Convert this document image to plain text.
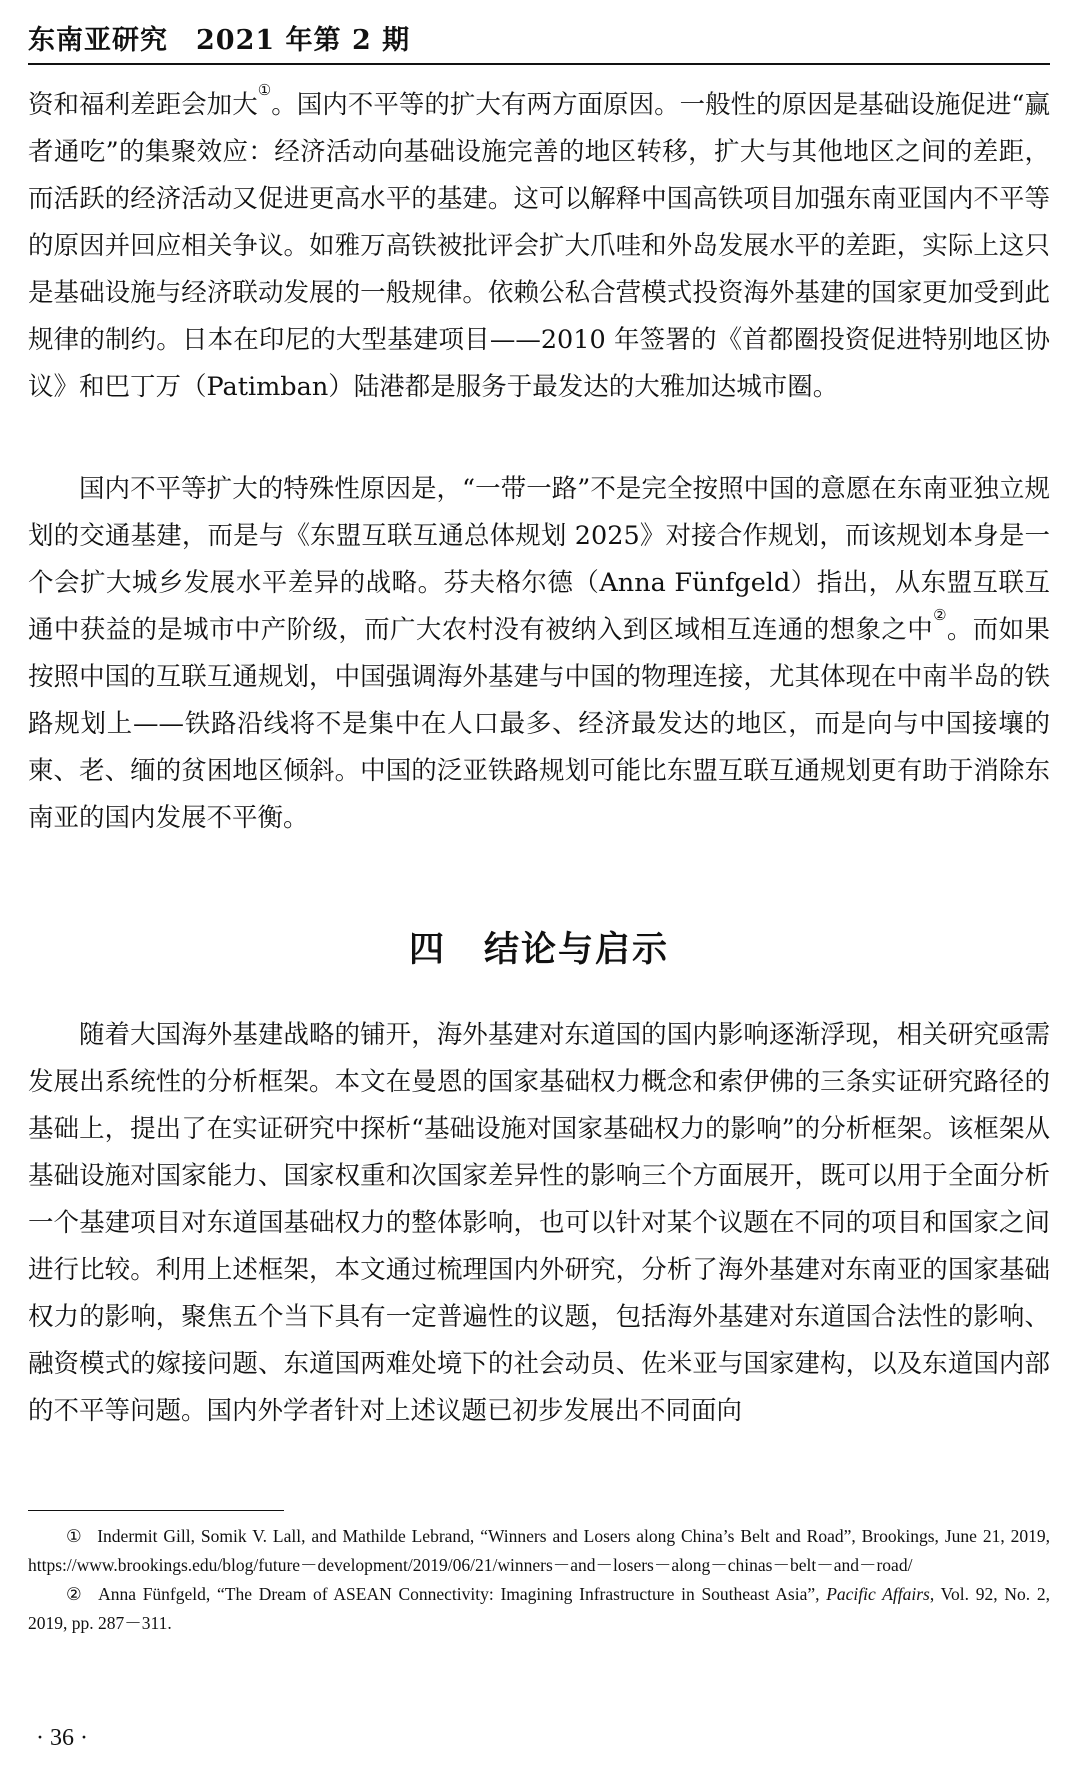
东南亚研究　2021 年第 2 期

资和福利差距会加大①。国内不平等的扩大有两方面原因。一般性的原因是基础设施促进“赢者通吃”的集聚效应：经济活动向基础设施完善的地区转移，扩大与其他地区之间的差距，而活跃的经济活动又促进更高水平的基建。这可以解释中国高铁项目加强东南亚国内不平等的原因并回应相关争议。如雅万高铁被批评会扩大爪哇和外岛发展水平的差距，实际上这只是基础设施与经济联动发展的一般规律。依赖公私合营模式投资海外基建的国家更加受到此规律的制约。日本在印尼的大型基建项目——2010 年签署的《首都圈投资促进特别地区协议》和巴丁万（Patimban）陆港都是服务于最发达的大雅加达城市圈。

国内不平等扩大的特殊性原因是，“一带一路”不是完全按照中国的意愿在东南亚独立规划的交通基建，而是与《东盟互联互通总体规划 2025》对接合作规划，而该规划本身是一个会扩大城乡发展水平差异的战略。芬夫格尔德（Anna Fünfgeld）指出，从东盟互联互通中获益的是城市中产阶级，而广大农村没有被纳入到区域相互连通的想象之中②。而如果按照中国的互联互通规划，中国强调海外基建与中国的物理连接，尤其体现在中南半岛的铁路规划上——铁路沿线将不是集中在人口最多、经济最发达的地区，而是向与中国接壤的柬、老、缅的贫困地区倾斜。中国的泛亚铁路规划可能比东盟互联互通规划更有助于消除东南亚的国内发展不平衡。

四 结论与启示

随着大国海外基建战略的铺开，海外基建对东道国的国内影响逐渐浮现，相关研究亟需发展出系统性的分析框架。本文在曼恩的国家基础权力概念和索伊佛的三条实证研究路径的基础上，提出了在实证研究中探析“基础设施对国家基础权力的影响”的分析框架。该框架从基础设施对国家能力、国家权重和次国家差异性的影响三个方面展开，既可以用于全面分析一个基建项目对东道国基础权力的整体影响，也可以针对某个议题在不同的项目和国家之间进行比较。利用上述框架，本文通过梳理国内外研究，分析了海外基建对东南亚的国家基础权力的影响，聚焦五个当下具有一定普遍性的议题，包括海外基建对东道国合法性的影响、融资模式的嫁接问题、东道国两难处境下的社会动员、佐米亚与国家建构，以及东道国内部的不平等问题。国内外学者针对上述议题已初步发展出不同面向

① Indermit Gill, Somik V. Lall, and Mathilde Lebrand, “Winners and Losers along China’s Belt and Road”, Brookings, June 21, 2019, https://www.brookings.edu/blog/future－development/2019/06/21/winners－and－losers－along－chinas－belt－and－road/

② Anna Fünfgeld, “The Dream of ASEAN Connectivity: Imagining Infrastructure in Southeast Asia”, Pacific Affairs, Vol. 92, No. 2, 2019, pp. 287－311.

· 36 ·
